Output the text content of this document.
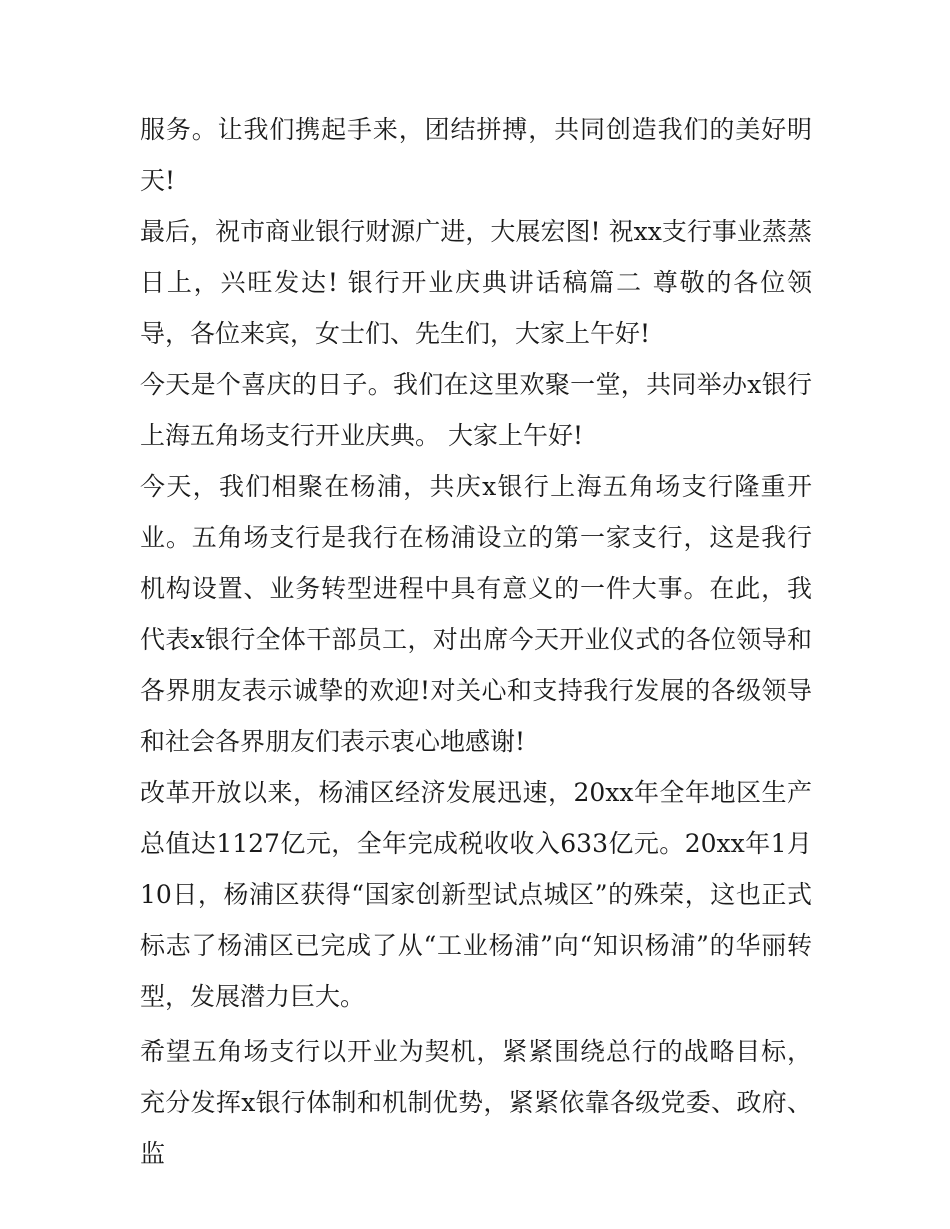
服务。让我们携起手来，团结拼搏，共同创造我们的美好明天!

最后，祝市商业银行财源广进，大展宏图! 祝xx支行事业蒸蒸日上，兴旺发达! 银行开业庆典讲话稿篇二 尊敬的各位领导，各位来宾，女士们、先生们，大家上午好!

今天是个喜庆的日子。我们在这里欢聚一堂，共同举办x银行上海五角场支行开业庆典。 大家上午好!

今天，我们相聚在杨浦，共庆x银行上海五角场支行隆重开业。五角场支行是我行在杨浦设立的第一家支行，这是我行机构设置、业务转型进程中具有意义的一件大事。在此，我代表x银行全体干部员工，对出席今天开业仪式的各位领导和各界朋友表示诚挚的欢迎!对关心和支持我行发展的各级领导和社会各界朋友们表示衷心地感谢!

改革开放以来，杨浦区经济发展迅速，20xx年全年地区生产总值达1127亿元，全年完成税收收入633亿元。20xx年1月10日，杨浦区获得“国家创新型试点城区”的殊荣，这也正式标志了杨浦区已完成了从“工业杨浦”向“知识杨浦”的华丽转型，发展潜力巨大。

希望五角场支行以开业为契机，紧紧围绕总行的战略目标，充分发挥x银行体制和机制优势，紧紧依靠各级党委、政府、监
